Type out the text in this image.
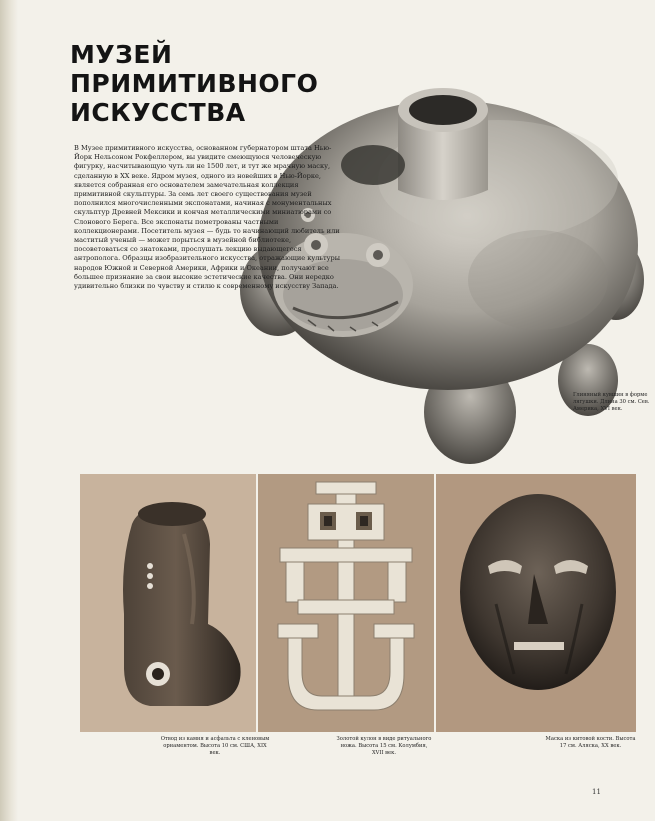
МУЗЕЙ
ПРИМИТИВНОГО
ИСКУССТВА

В Музее примитивного искусства, основанном губернатором штата Нью-Йорк Нельсоном Рокфеллером, вы увидите смеющуюся человеческую фигурку, насчитывающую чуть ли не 1500 лет, и тут же мрачную маску, сделанную в XX веке. Ядром музея, одного из новейших в Нью-Йорке, является собранная его основателем замечательная коллекция примитивной скульптуры. За семь лет своего существования музей пополнился многочисленными экспонатами, начиная с монументальных скульптур Древней Мексики и кончая металлическими миниатюрами со Слонового Берега. Все экспонаты пометрованы частными коллекционерами. Посетитель музея — будь то начинающий любитель или маститый ученый — может порыться в музейной библиотеке, посоветоваться со знатоками, прослушать лекцию выдающегося антрополога. Образцы изобразительного искусства, отражающие культуры народов Южной и Северной Америки, Африки и Океании, получают все большее признание за свои высокие эстетические качества. Они нередко удивительно близки по чувству и стилю к современному искусству Запада.

Глиняный кувшин в форме лягушки. Длина 30 см. Сев. Америка, XVI век.

Отвод из камня и асфальта с кленовым орнаментом. Высота 10 см. США, XIX век.

Золотой кулон в виде ритуального ножа. Высота 15 см. Колумбия, XVII век.

Маска из китовой кости. Высота 17 см. Аляска, XX век.

11
